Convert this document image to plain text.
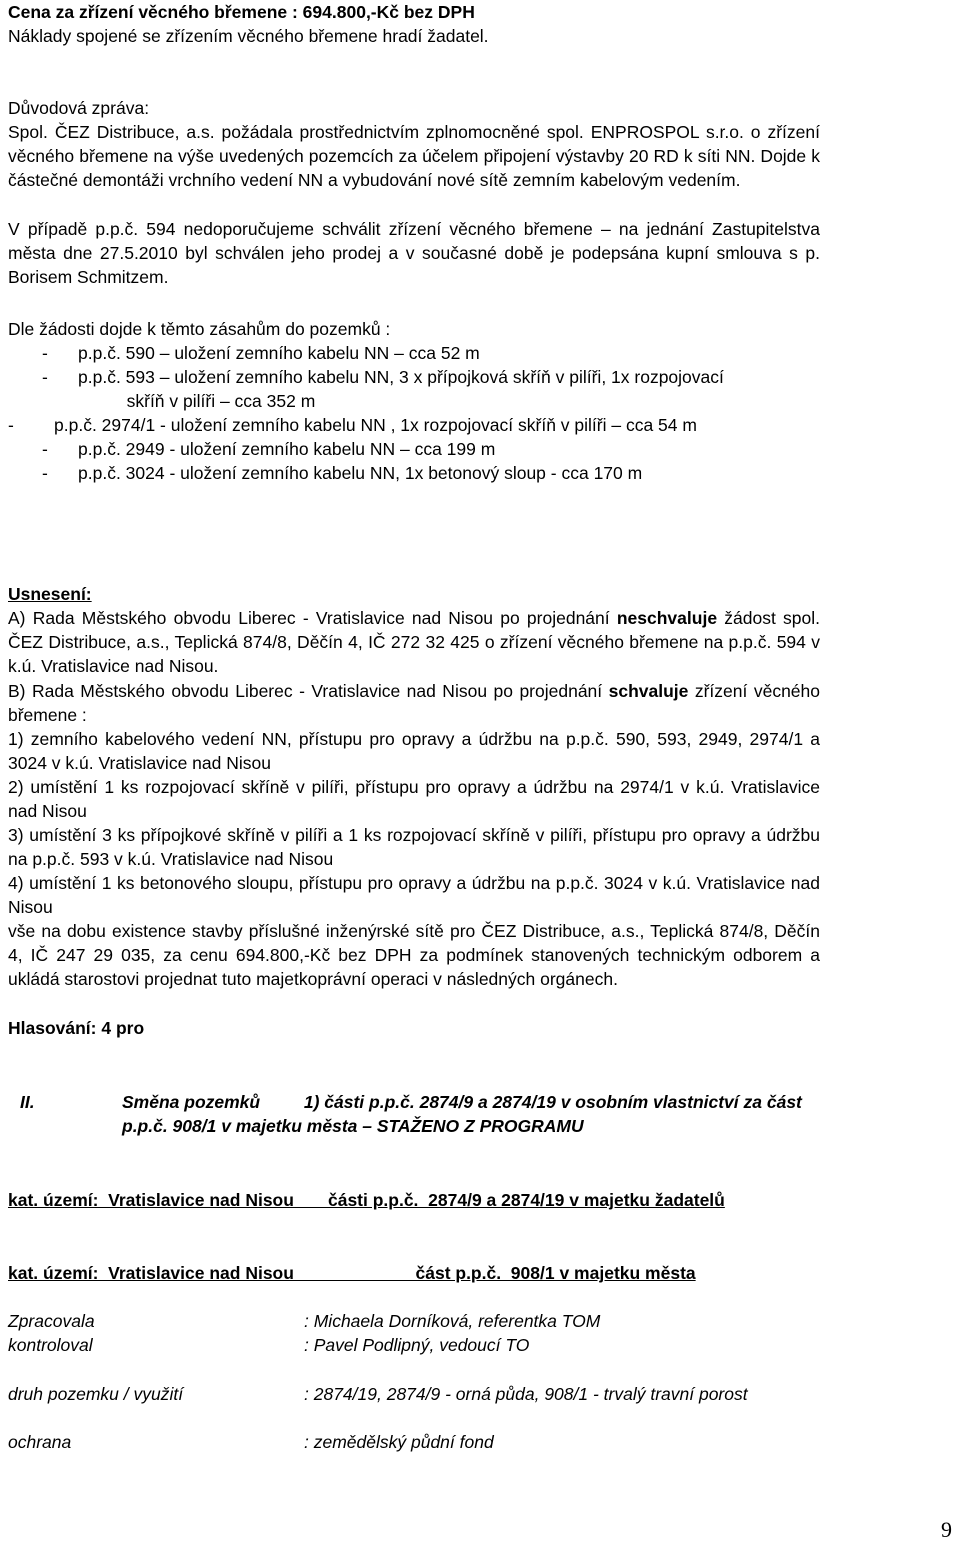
Cena za zřízení věcného břemene : 694.800,-Kč bez DPH

Náklady spojené se zřízením věcného břemene hradí žadatel.

Důvodová zpráva:

Spol. ČEZ Distribuce, a.s. požádala prostřednictvím zplnomocněné spol. ENPROSPOL s.r.o. o zřízení věcného břemene na výše uvedených pozemcích za účelem připojení výstavby 20 RD k síti NN. Dojde k částečné demontáži vrchního vedení NN a vybudování nové sítě zemním kabelovým vedením.

V případě p.p.č. 594 nedoporučujeme schválit zřízení věcného břemene – na jednání Zastupitelstva města dne 27.5.2010 byl schválen jeho prodej a v současné době je podepsána kupní smlouva s p. Borisem Schmitzem.

Dle žádosti dojde k těmto zásahům do pozemků :

- p.p.č. 590 – uložení zemního kabelu NN – cca 52 m
- p.p.č. 593 – uložení zemního kabelu NN, 3 x přípojková skříň v pilíři, 1x rozpojovací
skříň v pilíři – cca 352 m
- p.p.č. 2974/1 - uložení zemního kabelu NN , 1x rozpojovací skříň v pilíři – cca 54 m
- p.p.č. 2949 - uložení zemního kabelu NN – cca 199 m
- p.p.č. 3024 - uložení zemního kabelu NN, 1x betonový sloup - cca 170 m

Usnesení:

A) Rada Městského obvodu Liberec - Vratislavice nad Nisou po projednání neschvaluje žádost spol. ČEZ Distribuce, a.s., Teplická 874/8, Děčín 4, IČ 272 32 425 o zřízení věcného břemene na p.p.č. 594 v k.ú. Vratislavice nad Nisou.

B) Rada Městského obvodu Liberec - Vratislavice nad Nisou po projednání schvaluje zřízení věcného břemene :

1) zemního kabelového vedení NN, přístupu pro opravy a údržbu na p.p.č. 590, 593, 2949, 2974/1 a 3024 v k.ú. Vratislavice nad Nisou

2) umístění 1 ks rozpojovací skříně v pilíři, přístupu pro opravy a údržbu na 2974/1 v k.ú. Vratislavice nad Nisou

3) umístění 3 ks přípojkové skříně v pilíři a 1 ks rozpojovací skříně v pilíři, přístupu pro opravy a údržbu na p.p.č. 593 v k.ú. Vratislavice nad Nisou

4) umístění 1 ks betonového sloupu, přístupu pro opravy a údržbu na p.p.č. 3024 v k.ú. Vratislavice nad Nisou

vše na dobu existence stavby příslušné inženýrské sítě pro ČEZ Distribuce, a.s., Teplická 874/8, Děčín 4, IČ 247 29 035, za cenu 694.800,-Kč bez DPH za podmínek stanovených technickým odborem a ukládá starostovi projednat tuto majetkoprávní operaci v následných orgánech.

Hlasování: 4 pro

II.	Směna pozemků         1) části p.p.č. 2874/9 a 2874/19 v osobním vlastnictví za část

p.p.č. 908/1 v majetku města – STAŽENO Z PROGRAMU

kat. území:  Vratislavice nad Nisou       části p.p.č.  2874/9 a 2874/19 v majetku žadatelů

kat. území:  Vratislavice nad Nisou                         část p.p.č.  908/1 v majetku města

Zpracovala	: Michaela Dorníková, referentka TOM
kontroloval	: Pavel Podlipný, vedoucí TO
druh pozemku / využití	: 2874/19, 2874/9 - orná půda, 908/1 - trvalý travní porost
ochrana	: zemědělský půdní fond
9
